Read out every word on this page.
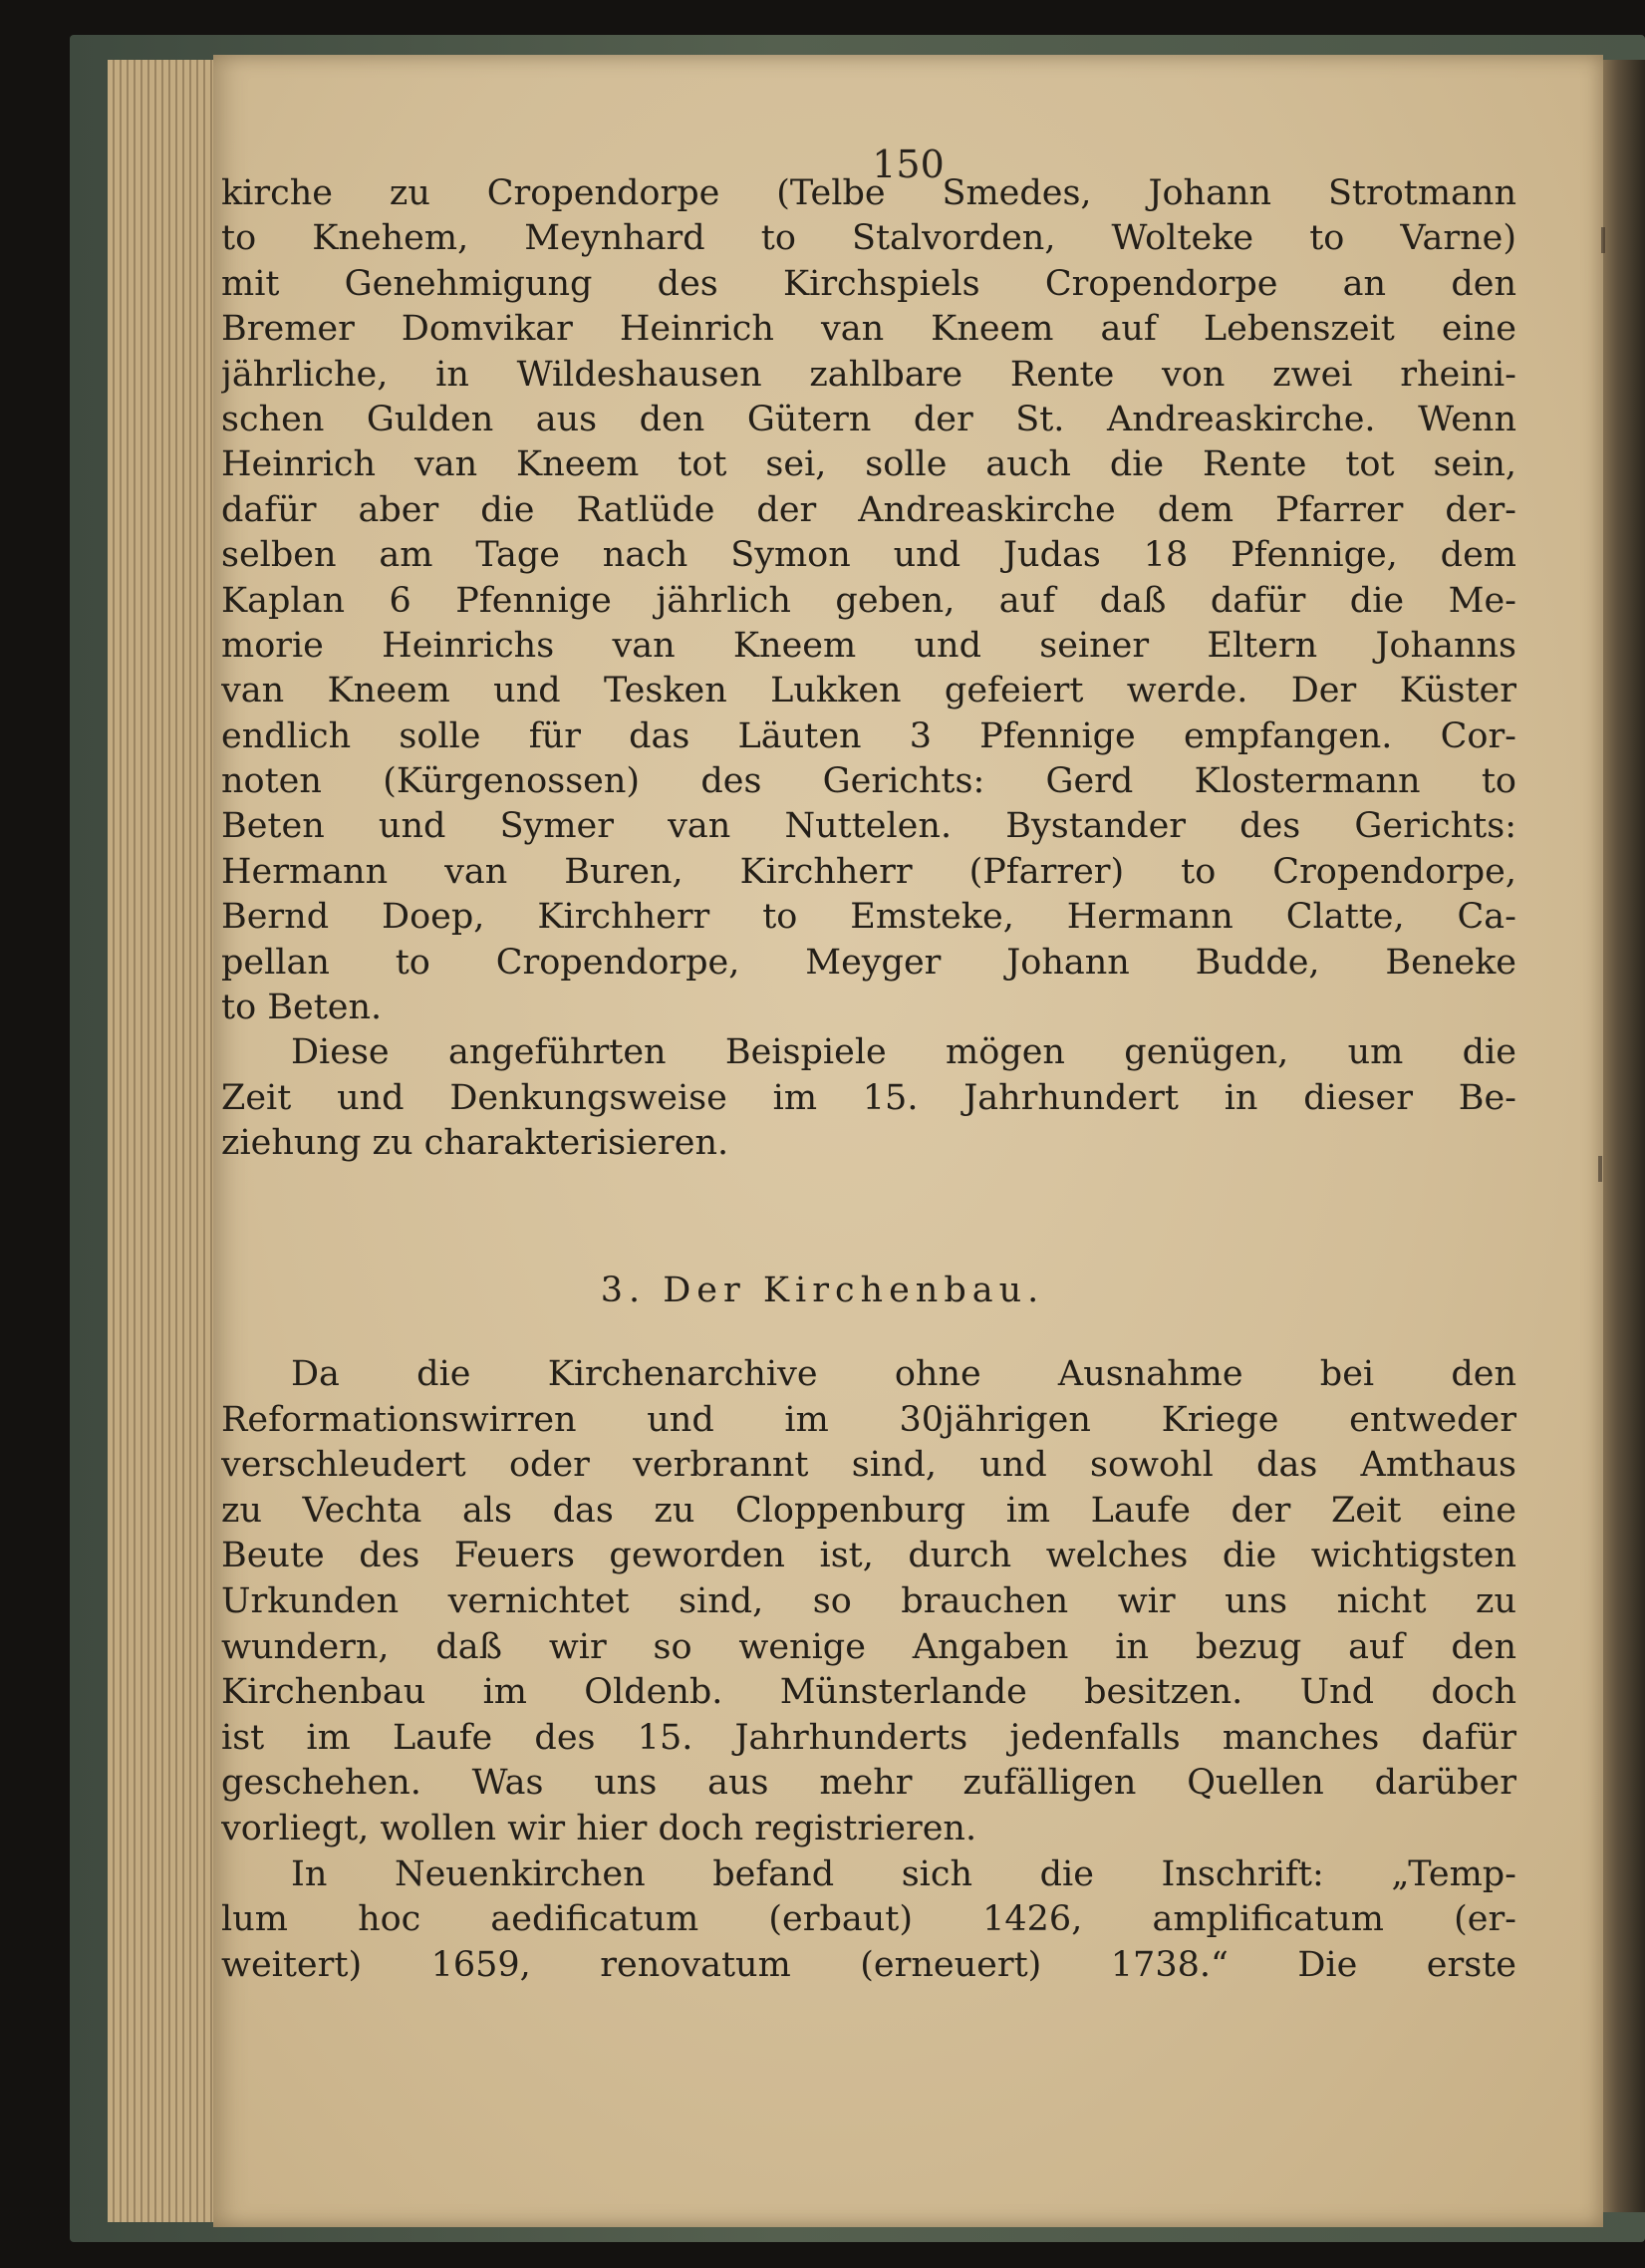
150
kirche zu Cropendorpe (Telbe Smedes, Johann Strotmann
to Knehem, Meynhard to Stalvorden, Wolteke to Varne)
mit Genehmigung des Kirchspiels Cropendorpe an den
Bremer Domvikar Heinrich van Kneem auf Lebenszeit eine
jährliche, in Wildeshausen zahlbare Rente von zwei rheini-
schen Gulden aus den Gütern der St. Andreaskirche. Wenn
Heinrich van Kneem tot sei, solle auch die Rente tot sein,
dafür aber die Ratlüde der Andreaskirche dem Pfarrer der-
selben am Tage nach Symon und Judas 18 Pfennige, dem
Kaplan 6 Pfennige jährlich geben, auf daß dafür die Me-
morie Heinrichs van Kneem und seiner Eltern Johanns
van Kneem und Tesken Lukken gefeiert werde. Der Küster
endlich solle für das Läuten 3 Pfennige empfangen. Cor-
noten (Kürgenossen) des Gerichts: Gerd Klostermann to
Beten und Symer van Nuttelen. Bystander des Gerichts:
Hermann van Buren, Kirchherr (Pfarrer) to Cropendorpe,
Bernd Doep, Kirchherr to Emsteke, Hermann Clatte, Ca-
pellan to Cropendorpe, Meyger Johann Budde, Beneke
to Beten.
Diese angeführten Beispiele mögen genügen, um die
Zeit und Denkungsweise im 15. Jahrhundert in dieser Be-
ziehung zu charakterisieren.
3. Der Kirchenbau.
Da die Kirchenarchive ohne Ausnahme bei den
Reformationswirren und im 30jährigen Kriege entweder
verschleudert oder verbrannt sind, und sowohl das Amthaus
zu Vechta als das zu Cloppenburg im Laufe der Zeit eine
Beute des Feuers geworden ist, durch welches die wichtigsten
Urkunden vernichtet sind, so brauchen wir uns nicht zu
wundern, daß wir so wenige Angaben in bezug auf den
Kirchenbau im Oldenb. Münsterlande besitzen. Und doch
ist im Laufe des 15. Jahrhunderts jedenfalls manches dafür
geschehen. Was uns aus mehr zufälligen Quellen darüber
vorliegt, wollen wir hier doch registrieren.
In Neuenkirchen befand sich die Inschrift: „Temp-
lum hoc aedificatum (erbaut) 1426, amplificatum (er-
weitert) 1659, renovatum (erneuert) 1738.“ Die erste
